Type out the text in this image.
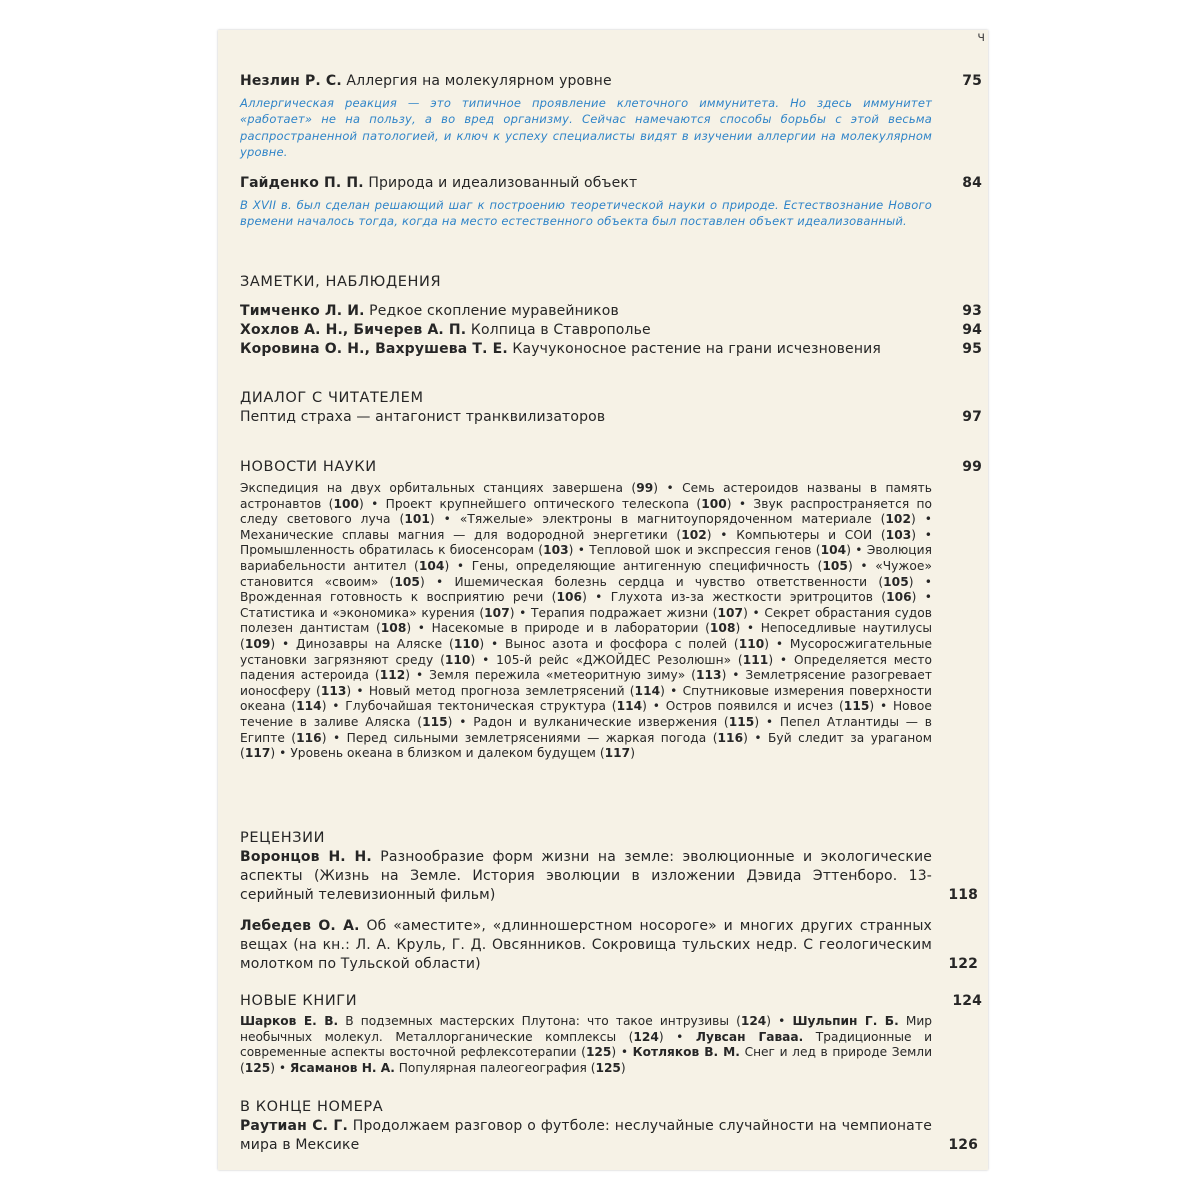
ч
Незлин Р. С. Аллергия на молекулярном уровне	75
Аллергическая реакция — это типичное проявление клеточного иммунитета. Но здесь иммунитет «работает» не на пользу, а во вред организму. Сейчас намечаются способы борьбы с этой весьма распространенной патологией, и ключ к успеху специалисты видят в изучении аллергии на молекулярном уровне.
Гайденко П. П. Природа и идеализованный объект	84
В XVII в. был сделан решающий шаг к построению теоретической науки о природе. Естествознание Нового времени началось тогда, когда на место естественного объекта был поставлен объект идеализованный.
ЗАМЕТКИ, НАБЛЮДЕНИЯ
Тимченко Л. И. Редкое скопление муравейников	93
Хохлов А. Н., Бичерев А. П. Колпица в Ставрополье	94
Коровина О. Н., Вахрушева Т. Е. Каучуконосное растение на грани исчезновения	95
ДИАЛОГ С ЧИТАТЕЛЕМ
Пептид страха — антагонист транквилизаторов	97
НОВОСТИ НАУКИ	99
Экспедиция на двух орбитальных станциях завершена (99) • Семь астероидов названы в память астронавтов (100) • Проект крупнейшего оптического телескопа (100) • Звук распространяется по следу светового луча (101) • «Тяжелые» электроны в магнитоупорядоченном материале (102) • Механические сплавы магния — для водородной энергетики (102) • Компьютеры и СОИ (103) • Промышленность обратилась к биосенсорам (103) • Тепловой шок и экспрессия генов (104) • Эволюция вариабельности антител (104) • Гены, определяющие антигенную специфичность (105) • «Чужое» становится «своим» (105) • Ишемическая болезнь сердца и чувство ответственности (105) • Врожденная готовность к восприятию речи (106) • Глухота из-за жесткости эритроцитов (106) • Статистика и «экономика» курения (107) • Терапия подражает жизни (107) • Секрет обрастания судов полезен дантистам (108) • Насекомые в природе и в лаборатории (108) • Непоседливые наутилусы (109) • Динозавры на Аляске (110) • Вынос азота и фосфора с полей (110) • Мусоросжигательные установки загрязняют среду (110) • 105-й рейс «ДЖОЙДЕС Резолюшн» (111) • Определяется место падения астероида (112) • Земля пережила «метеоритную зиму» (113) • Землетрясение разогревает ионосферу (113) • Новый метод прогноза землетрясений (114) • Спутниковые измерения поверхности океана (114) • Глубочайшая тектоническая структура (114) • Остров появился и исчез (115) • Новое течение в заливе Аляска (115) • Радон и вулканические извержения (115) • Пепел Атлантиды — в Египте (116) • Перед сильными землетрясениями — жаркая погода (116) • Буй следит за ураганом (117) • Уровень океана в близком и далеком будущем (117)
РЕЦЕНЗИИ
Воронцов Н. Н. Разнообразие форм жизни на земле: эволюционные и экологические аспекты (Жизнь на Земле. История эволюции в изложении Дэвида Эттенборо. 13-серийный телевизионный фильм)	118
Лебедев О. А. Об «аместите», «длинношерстном носороге» и многих других странных вещах (на кн.: Л. А. Круль, Г. Д. Овсянников. Сокровища тульских недр. С геологическим молотком по Тульской области)	122
НОВЫЕ КНИГИ	124
Шарков Е. В. В подземных мастерских Плутона: что такое интрузивы (124) • Шульпин Г. Б. Мир необычных молекул. Металлорганические комплексы (124) • Лувсан Гаваа. Традиционные и современные аспекты восточной рефлексотерапии (125) • Котляков В. М. Снег и лед в природе Земли (125) • Ясаманов Н. А. Популярная палеогеография (125)
В КОНЦЕ НОМЕРА
Раутиан С. Г. Продолжаем разговор о футболе: неслучайные случайности на чемпионате мира в Мексике	126
